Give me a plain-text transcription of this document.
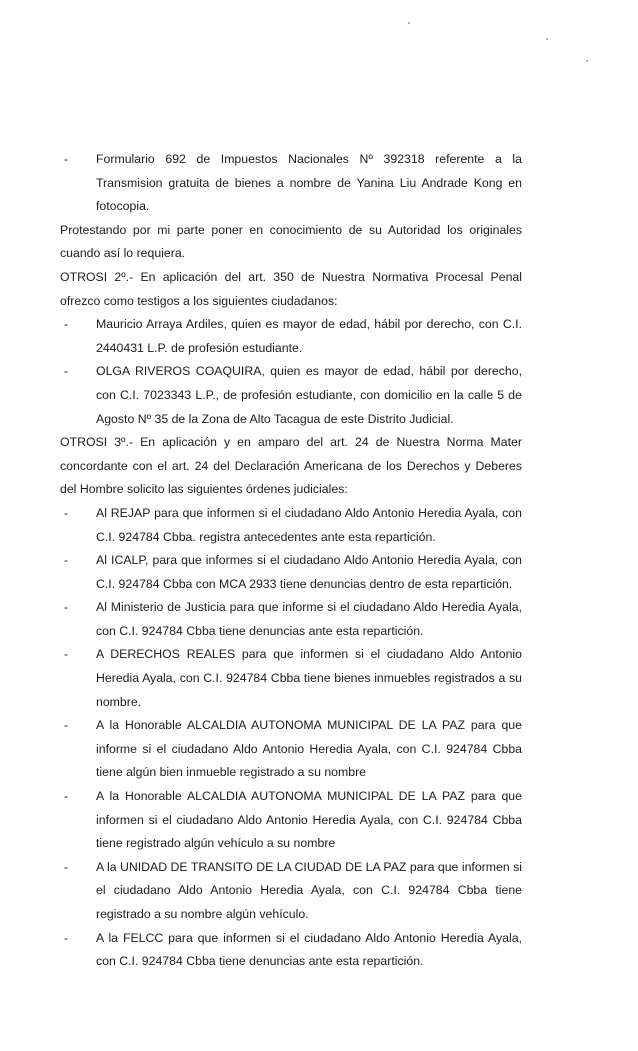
- Formulario 692 de Impuestos Nacionales Nº 392318 referente a la Transmision gratuita de bienes a nombre de Yanina Liu Andrade Kong en fotocopia.
Protestando por mi parte poner en conocimiento de su Autoridad los originales cuando así lo requiera.
OTROSI 2º.- En aplicación del art. 350 de Nuestra Normativa Procesal Penal ofrezco como testigos a los siguientes ciudadanos:
- Mauricio Arraya Ardiles, quien es mayor de edad, hábil por derecho, con C.I. 2440431 L.P. de profesión estudiante.
- OLGA RIVEROS COAQUIRA, quien es mayor de edad, hábil por derecho, con C.I. 7023343 L.P., de profesión estudiante, con domicilio en la calle 5 de Agosto Nº 35 de la Zona de Alto Tacagua de este Distrito Judicial.
OTROSI 3º.- En aplicación y en amparo del art. 24 de Nuestra Norma Mater concordante con el art. 24 del Declaración Americana de los Derechos y Deberes del Hombre solicito las siguientes órdenes judiciales:
- Al REJAP para que informen si el ciudadano Aldo Antonio Heredia Ayala, con C.I. 924784 Cbba. registra antecedentes ante esta repartición.
- Al ICALP, para que informes si el ciudadano Aldo Antonio Heredia Ayala, con C.I. 924784 Cbba con MCA 2933 tiene denuncias dentro de esta repartición.
- Al Ministerio de Justicia para que informe si el ciudadano Aldo Heredia Ayala, con C.I. 924784 Cbba tiene denuncias ante esta repartición.
- A DERECHOS REALES para que informen si el ciudadano Aldo Antonio Heredia Ayala, con C.I. 924784 Cbba tiene bienes inmuebles registrados a su nombre.
- A la Honorable ALCALDIA AUTONOMA MUNICIPAL DE LA PAZ para que informe si el ciudadano Aldo Antonio Heredia Ayala, con C.I. 924784 Cbba tiene algún bien inmueble registrado a su nombre
- A la Honorable ALCALDIA AUTONOMA MUNICIPAL DE LA PAZ para que informen si el ciudadano Aldo Antonio Heredia Ayala, con C.I. 924784 Cbba tiene registrado algún vehículo a su nombre
- A la UNIDAD DE TRANSITO DE LA CIUDAD DE LA PAZ para que informen si el ciudadano Aldo Antonio Heredia Ayala, con C.I. 924784 Cbba tiene registrado a su nombre algún vehículo.
- A la FELCC para que informen si el ciudadano Aldo Antonio Heredia Ayala, con C.I. 924784 Cbba tiene denuncias ante esta repartición.
